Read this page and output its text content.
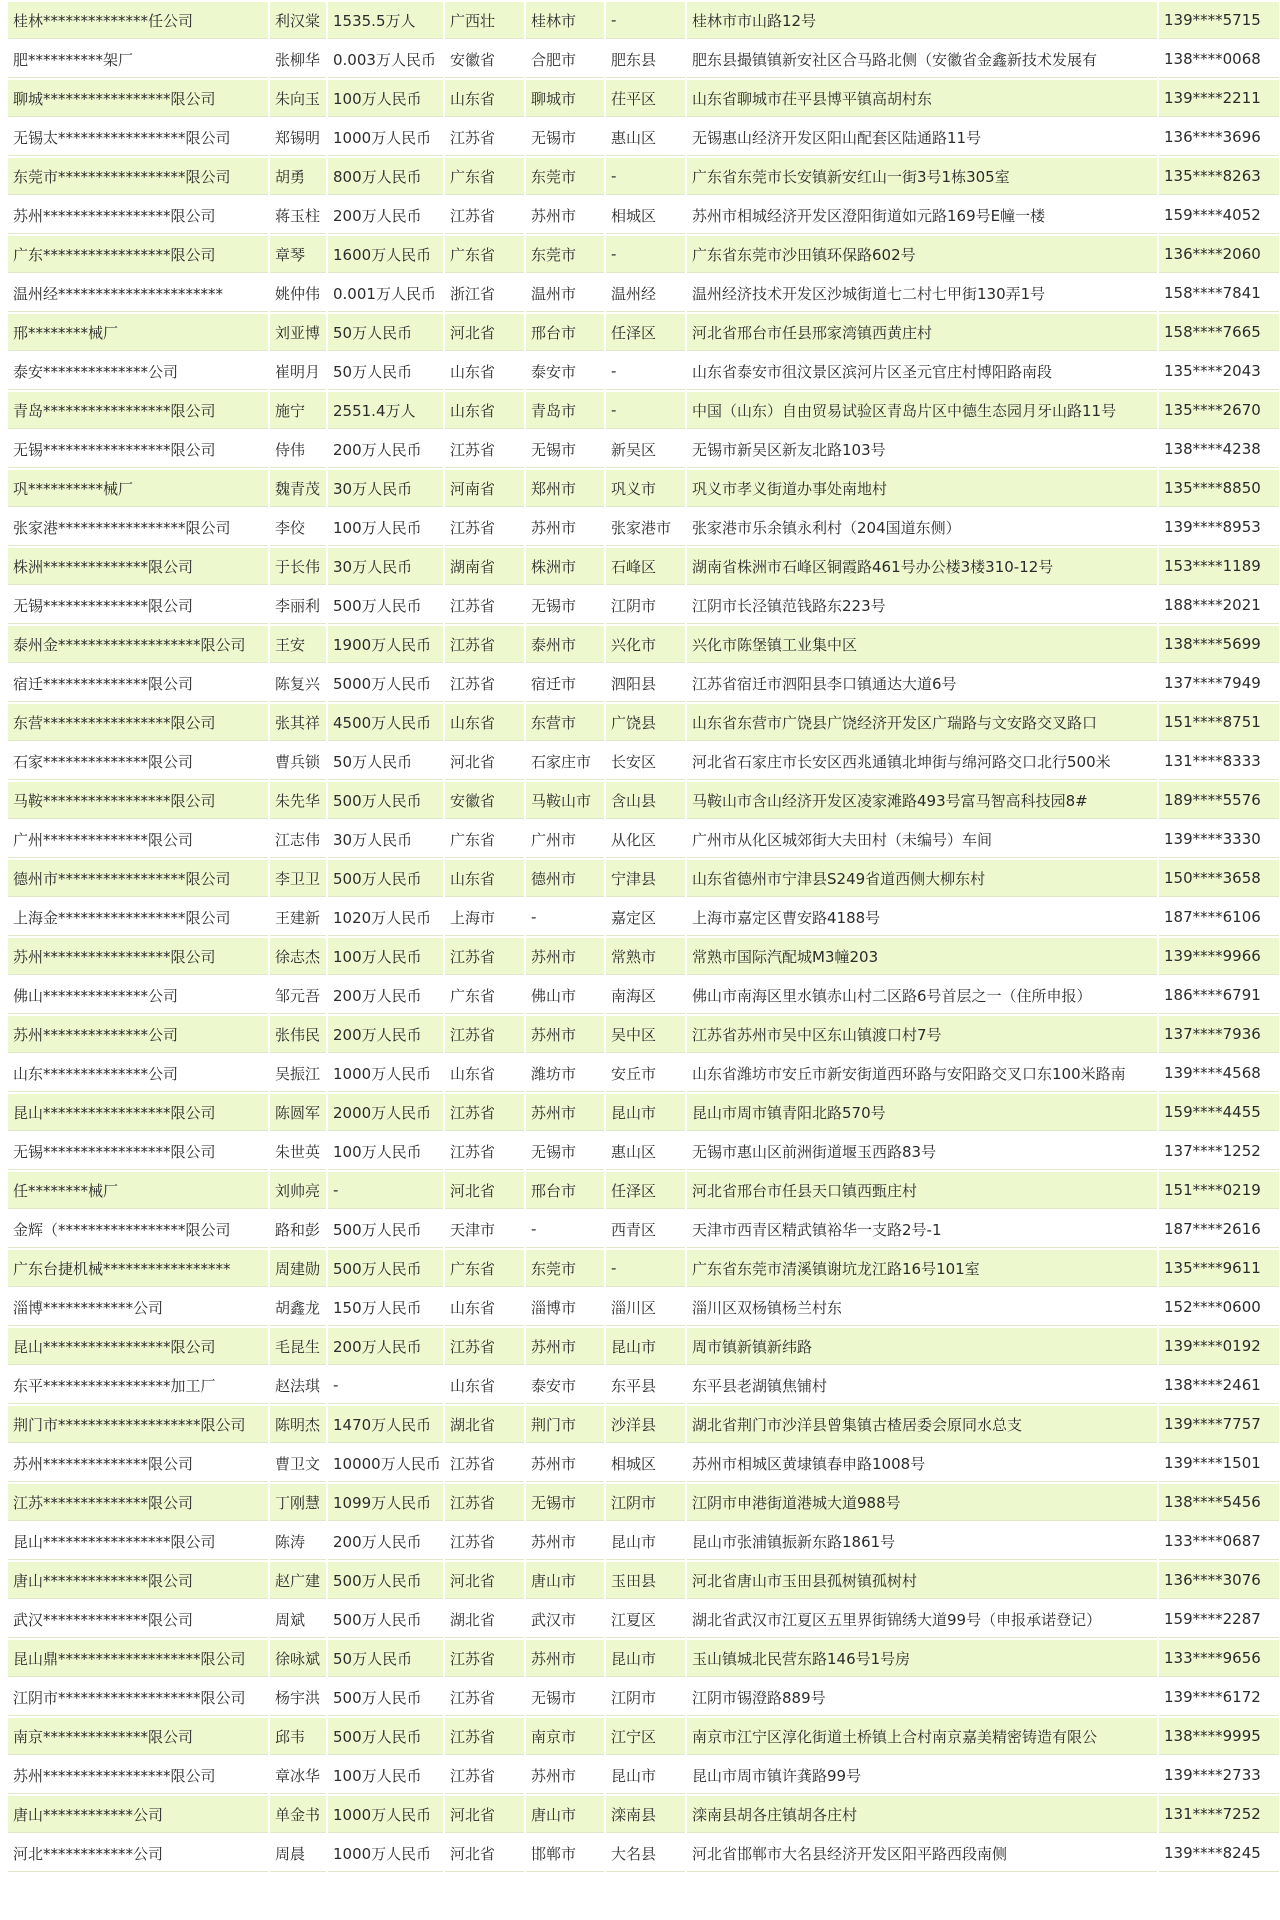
桂林**************任公司	利汉棠	1535.5万人	广西壮	桂林市	-	桂林市市山路12号	139****5715
肥**********架厂	张柳华	0.003万人民币	安徽省	合肥市	肥东县	肥东县撮镇镇新安社区合马路北侧（安徽省金鑫新技术发展有	138****0068
聊城*****************限公司	朱向玉	100万人民币	山东省	聊城市	茌平区	山东省聊城市茌平县博平镇高胡村东	139****2211
无锡太*****************限公司	郑锡明	1000万人民币	江苏省	无锡市	惠山区	无锡惠山经济开发区阳山配套区陆通路11号	136****3696
东莞市*****************限公司	胡勇	800万人民币	广东省	东莞市	-	广东省东莞市长安镇新安红山一街3号1栋305室	135****8263
苏州*****************限公司	蒋玉柱	200万人民币	江苏省	苏州市	相城区	苏州市相城经济开发区澄阳街道如元路169号E幢一楼	159****4052
广东*****************限公司	章琴	1600万人民币	广东省	东莞市	-	广东省东莞市沙田镇环保路602号	136****2060
温州经**********************	姚仲伟	0.001万人民币	浙江省	温州市	温州经	温州经济技术开发区沙城街道七二村七甲街130弄1号	158****7841
邢********械厂	刘亚博	50万人民币	河北省	邢台市	任泽区	河北省邢台市任县邢家湾镇西黄庄村	158****7665
泰安**************公司	崔明月	50万人民币	山东省	泰安市	-	山东省泰安市徂汶景区滨河片区圣元官庄村博阳路南段	135****2043
青岛*****************限公司	施宁	2551.4万人	山东省	青岛市	-	中国（山东）自由贸易试验区青岛片区中德生态园月牙山路11号	135****2670
无锡*****************限公司	侍伟	200万人民币	江苏省	无锡市	新吴区	无锡市新吴区新友北路103号	138****4238
巩**********械厂	魏青茂	30万人民币	河南省	郑州市	巩义市	巩义市孝义街道办事处南地村	135****8850
张家港*****************限公司	李佼	100万人民币	江苏省	苏州市	张家港市	张家港市乐余镇永利村（204国道东侧）	139****8953
株洲**************限公司	于长伟	30万人民币	湖南省	株洲市	石峰区	湖南省株洲市石峰区铜霞路461号办公楼3楼310-12号	153****1189
无锡**************限公司	李丽利	500万人民币	江苏省	无锡市	江阴市	江阴市长泾镇范钱路东223号	188****2021
泰州金*******************限公司	王安	1900万人民币	江苏省	泰州市	兴化市	兴化市陈堡镇工业集中区	138****5699
宿迁**************限公司	陈复兴	5000万人民币	江苏省	宿迁市	泗阳县	江苏省宿迁市泗阳县李口镇通达大道6号	137****7949
东营*****************限公司	张其祥	4500万人民币	山东省	东营市	广饶县	山东省东营市广饶县广饶经济开发区广瑞路与文安路交叉路口	151****8751
石家**************限公司	曹兵锁	50万人民币	河北省	石家庄市	长安区	河北省石家庄市长安区西兆通镇北坤街与绵河路交口北行500米	131****8333
马鞍*****************限公司	朱先华	500万人民币	安徽省	马鞍山市	含山县	马鞍山市含山经济开发区凌家滩路493号富马智高科技园8#	189****5576
广州**************限公司	江志伟	30万人民币	广东省	广州市	从化区	广州市从化区城郊街大夫田村（未编号）车间	139****3330
德州市*****************限公司	李卫卫	500万人民币	山东省	德州市	宁津县	山东省德州市宁津县S249省道西侧大柳东村	150****3658
上海金*****************限公司	王建新	1020万人民币	上海市	-	嘉定区	上海市嘉定区曹安路4188号	187****6106
苏州*****************限公司	徐志杰	100万人民币	江苏省	苏州市	常熟市	常熟市国际汽配城M3幢203	139****9966
佛山**************公司	邹元吾	200万人民币	广东省	佛山市	南海区	佛山市南海区里水镇赤山村二区路6号首层之一（住所申报）	186****6791
苏州**************公司	张伟民	200万人民币	江苏省	苏州市	吴中区	江苏省苏州市吴中区东山镇渡口村7号	137****7936
山东**************公司	吴振江	1000万人民币	山东省	潍坊市	安丘市	山东省潍坊市安丘市新安街道西环路与安阳路交叉口东100米路南	139****4568
昆山*****************限公司	陈圆军	2000万人民币	江苏省	苏州市	昆山市	昆山市周市镇青阳北路570号	159****4455
无锡*****************限公司	朱世英	100万人民币	江苏省	无锡市	惠山区	无锡市惠山区前洲街道堰玉西路83号	137****1252
任********械厂	刘帅亮	-	河北省	邢台市	任泽区	河北省邢台市任县天口镇西甄庄村	151****0219
金辉（*****************限公司	路和彭	500万人民币	天津市	-	西青区	天津市西青区精武镇裕华一支路2号-1	187****2616
广东台捷机械*****************	周建勋	500万人民币	广东省	东莞市	-	广东省东莞市清溪镇谢坑龙江路16号101室	135****9611
淄博************公司	胡鑫龙	150万人民币	山东省	淄博市	淄川区	淄川区双杨镇杨兰村东	152****0600
昆山*****************限公司	毛昆生	200万人民币	江苏省	苏州市	昆山市	周市镇新镇新纬路	139****0192
东平*****************加工厂	赵法琪	-	山东省	泰安市	东平县	东平县老湖镇焦铺村	138****2461
荆门市*******************限公司	陈明杰	1470万人民币	湖北省	荆门市	沙洋县	湖北省荆门市沙洋县曾集镇古楂居委会原同水总支	139****7757
苏州**************限公司	曹卫文	10000万人民币	江苏省	苏州市	相城区	苏州市相城区黄埭镇春申路1008号	139****1501
江苏**************限公司	丁刚慧	1099万人民币	江苏省	无锡市	江阴市	江阴市申港街道港城大道988号	138****5456
昆山*****************限公司	陈涛	200万人民币	江苏省	苏州市	昆山市	昆山市张浦镇振新东路1861号	133****0687
唐山**************限公司	赵广建	500万人民币	河北省	唐山市	玉田县	河北省唐山市玉田县孤树镇孤树村	136****3076
武汉**************限公司	周斌	500万人民币	湖北省	武汉市	江夏区	湖北省武汉市江夏区五里界街锦绣大道99号（申报承诺登记）	159****2287
昆山鼎*******************限公司	徐咏斌	50万人民币	江苏省	苏州市	昆山市	玉山镇城北民营东路146号1号房	133****9656
江阴市*******************限公司	杨宇洪	500万人民币	江苏省	无锡市	江阴市	江阴市锡澄路889号	139****6172
南京**************限公司	邱韦	500万人民币	江苏省	南京市	江宁区	南京市江宁区淳化街道土桥镇上合村南京嘉美精密铸造有限公	138****9995
苏州*****************限公司	章冰华	100万人民币	江苏省	苏州市	昆山市	昆山市周市镇许龚路99号	139****2733
唐山************公司	单金书	1000万人民币	河北省	唐山市	滦南县	滦南县胡各庄镇胡各庄村	131****7252
河北************公司	周晨	1000万人民币	河北省	邯郸市	大名县	河北省邯郸市大名县经济开发区阳平路西段南侧	139****8245
